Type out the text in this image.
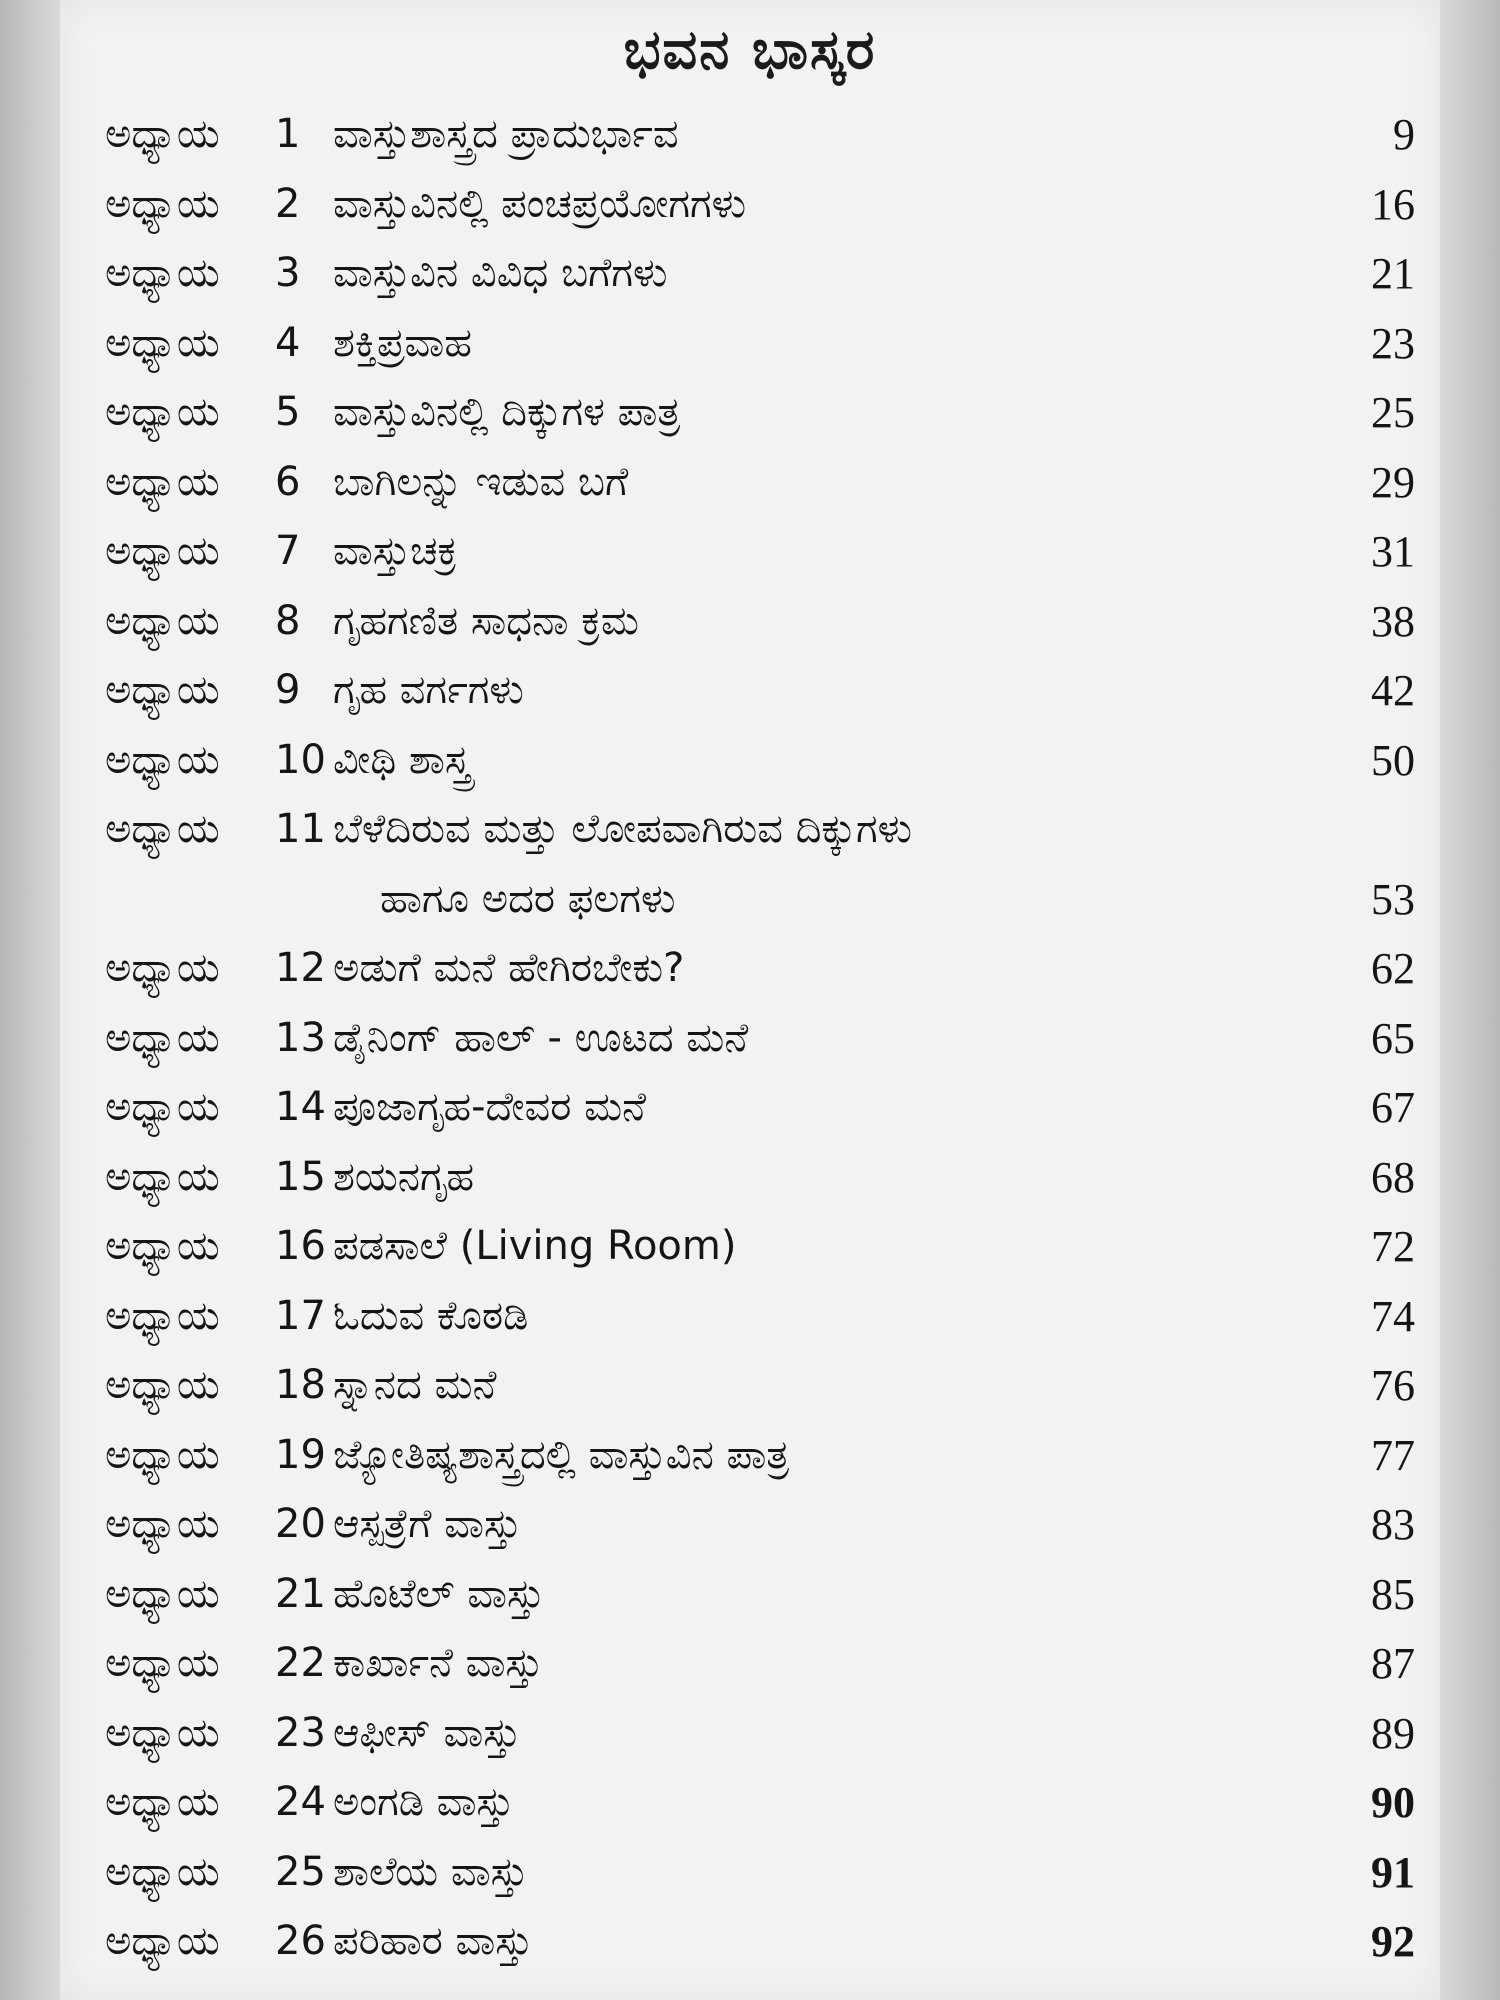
ಭವನ ಭಾಸ್ಕರ
ಅಧ್ಯಾಯ 1 ವಾಸ್ತುಶಾಸ್ತ್ರದ ಪ್ರಾದುರ್ಭಾವ	9
ಅಧ್ಯಾಯ 2 ವಾಸ್ತುವಿನಲ್ಲಿ ಪಂಚಪ್ರಯೋಗಗಳು	16
ಅಧ್ಯಾಯ 3 ವಾಸ್ತುವಿನ ವಿವಿಧ ಬಗೆಗಳು	21
ಅಧ್ಯಾಯ 4 ಶಕ್ತಿಪ್ರವಾಹ	23
ಅಧ್ಯಾಯ 5 ವಾಸ್ತುವಿನಲ್ಲಿ ದಿಕ್ಕುಗಳ ಪಾತ್ರ	25
ಅಧ್ಯಾಯ 6 ಬಾಗಿಲನ್ನು ಇಡುವ ಬಗೆ	29
ಅಧ್ಯಾಯ 7 ವಾಸ್ತುಚಕ್ರ	31
ಅಧ್ಯಾಯ 8 ಗೃಹಗಣಿತ ಸಾಧನಾ ಕ್ರಮ	38
ಅಧ್ಯಾಯ 9 ಗೃಹ ವರ್ಗಗಳು	42
ಅಧ್ಯಾಯ 10 ವೀಥಿ ಶಾಸ್ತ್ರ	50
ಅಧ್ಯಾಯ 11 ಬೆಳೆದಿರುವ ಮತ್ತು ಲೋಪವಾಗಿರುವ ದಿಕ್ಕುಗಳು
ಹಾಗೂ ಅದರ ಫಲಗಳು	53
ಅಧ್ಯಾಯ 12 ಅಡುಗೆ ಮನೆ ಹೇಗಿರಬೇಕು?	62
ಅಧ್ಯಾಯ 13 ಡೈನಿಂಗ್ ಹಾಲ್ - ಊಟದ ಮನೆ	65
ಅಧ್ಯಾಯ 14 ಪೂಜಾಗೃಹ-ದೇವರ ಮನೆ	67
ಅಧ್ಯಾಯ 15 ಶಯನಗೃಹ	68
ಅಧ್ಯಾಯ 16 ಪಡಸಾಲೆ (Living Room)	72
ಅಧ್ಯಾಯ 17 ಓದುವ ಕೊಠಡಿ	74
ಅಧ್ಯಾಯ 18 ಸ್ನಾನದ ಮನೆ	76
ಅಧ್ಯಾಯ 19 ಜ್ಯೋತಿಷ್ಯಶಾಸ್ತ್ರದಲ್ಲಿ ವಾಸ್ತುವಿನ ಪಾತ್ರ	77
ಅಧ್ಯಾಯ 20 ಆಸ್ಪತ್ರೆಗೆ ವಾಸ್ತು	83
ಅಧ್ಯಾಯ 21 ಹೊಟೆಲ್ ವಾಸ್ತು	85
ಅಧ್ಯಾಯ 22 ಕಾರ್ಖಾನೆ ವಾಸ್ತು	87
ಅಧ್ಯಾಯ 23 ಆಫೀಸ್ ವಾಸ್ತು	89
ಅಧ್ಯಾಯ 24 ಅಂಗಡಿ ವಾಸ್ತು	90
ಅಧ್ಯಾಯ 25 ಶಾಲೆಯ ವಾಸ್ತು	91
ಅಧ್ಯಾಯ 26 ಪರಿಹಾರ ವಾಸ್ತು	92
